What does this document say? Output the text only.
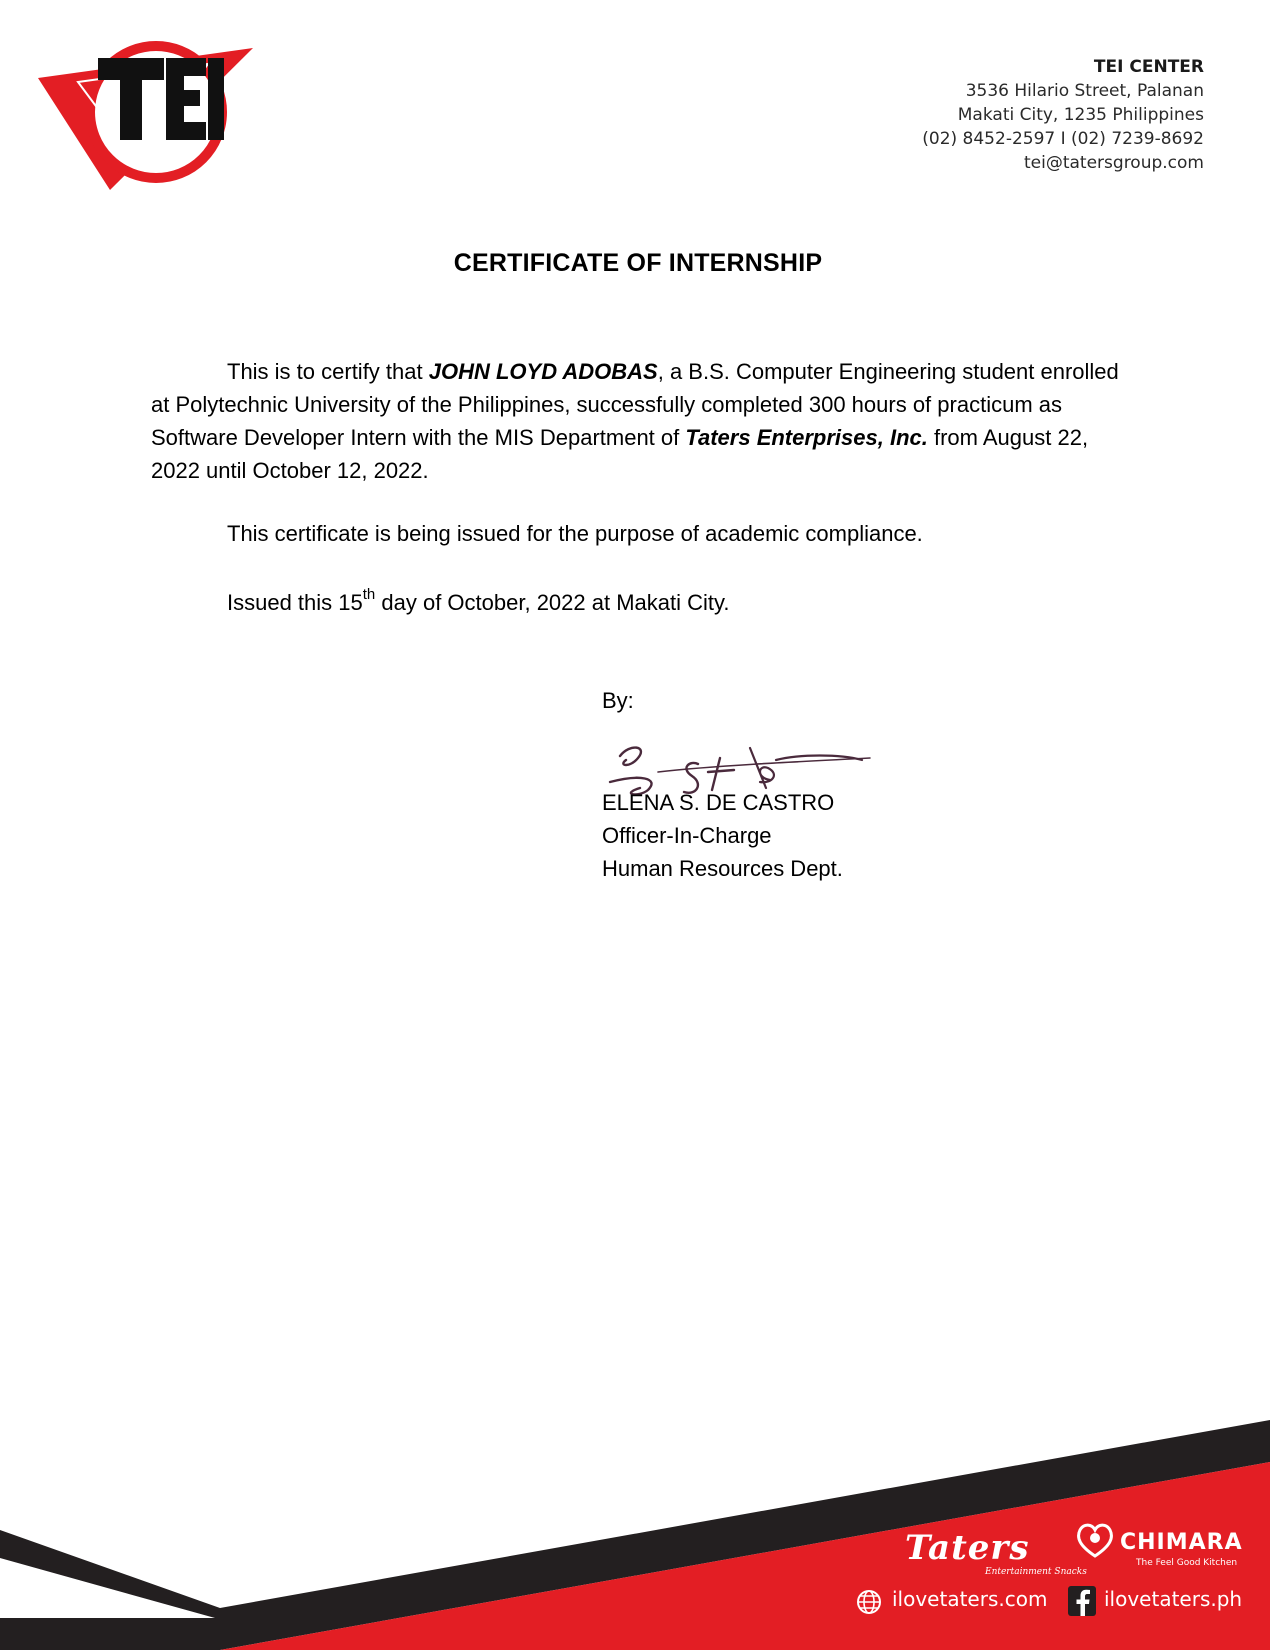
TEI CENTER
3536 Hilario Street, Palanan
Makati City, 1235 Philippines
(02) 8452-2597 I (02) 7239-8692
tei@tatersgroup.com
CERTIFICATE OF INTERNSHIP
This is to certify that JOHN LOYD ADOBAS, a B.S. Computer Engineering student enrolled at Polytechnic University of the Philippines, successfully completed 300 hours of practicum as Software Developer Intern with the MIS Department of Taters Enterprises, Inc. from August 22, 2022 until October 12, 2022.
This certificate is being issued for the purpose of academic compliance.
Issued this 15th day of October, 2022 at Makati City.
By:
ELENA S. DE CASTRO
Officer-In-Charge
Human Resources Dept.
Taters
Entertainment Snacks
CHIMARA
The Feel Good Kitchen
ilovetaters.com	ilovetaters.ph
